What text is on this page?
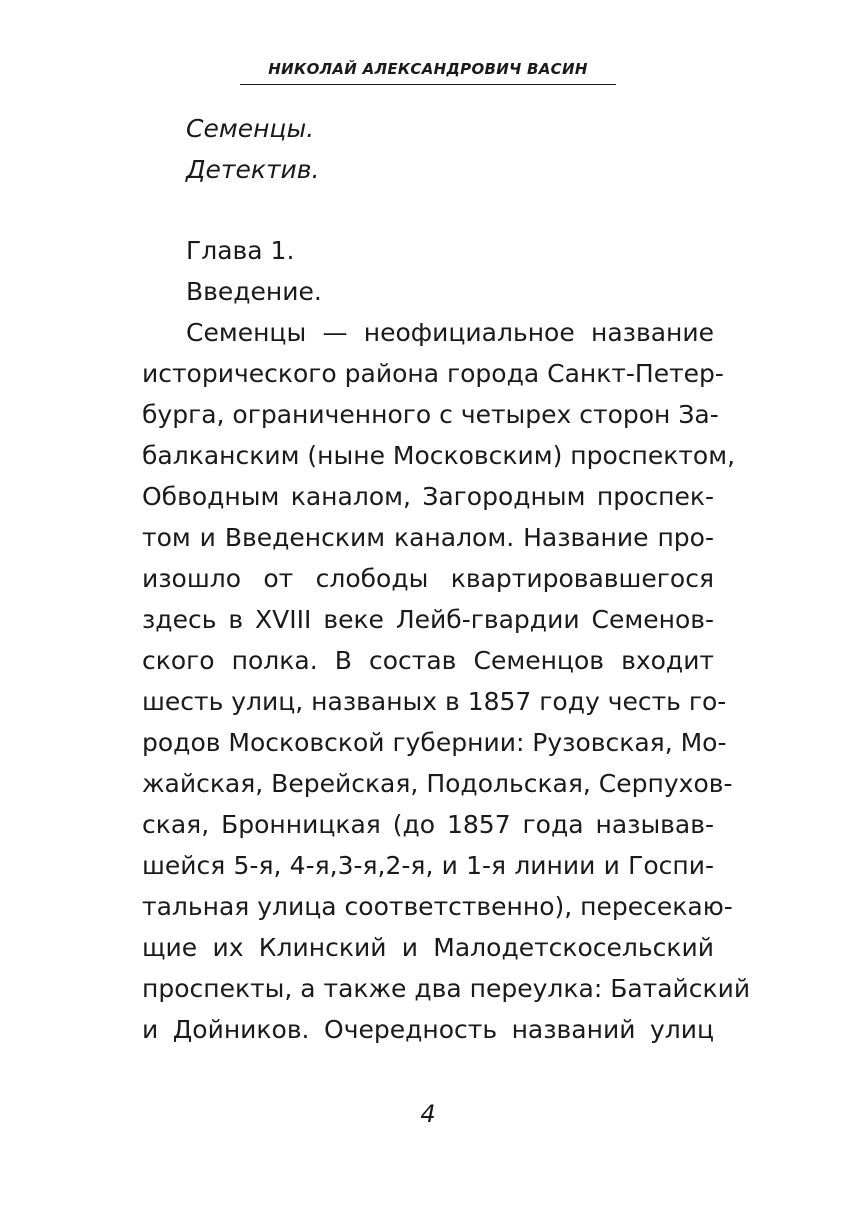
НИКОЛАЙ АЛЕКСАНДРОВИЧ ВАСИН
Семенцы.
Детектив.
Глава 1.
Введение.
Семенцы — неофициальное название
исторического района города Санкт-Петер-
бурга, ограниченного с четырех сторон За-
балканским (ныне Московским) проспектом,
Обводным каналом, Загородным проспек-
том и Введенским каналом. Название про-
изошло от слободы квартировавшегося
здесь в XVIII веке Лейб-гвардии Семенов-
ского полка. В состав Семенцов входит
шесть улиц, названых в 1857 году честь го-
родов Московской губернии: Рузовская, Мо-
жайская, Верейская, Подольская, Серпухов-
ская, Бронницкая (до 1857 года называв-
шейся 5-я, 4-я,3-я,2-я, и 1-я линии и Госпи-
тальная улица соответственно), пересекаю-
щие их Клинский и Малодетскосельский
проспекты, а также два переулка: Батайский
и Дойников. Очередность названий улиц
4
